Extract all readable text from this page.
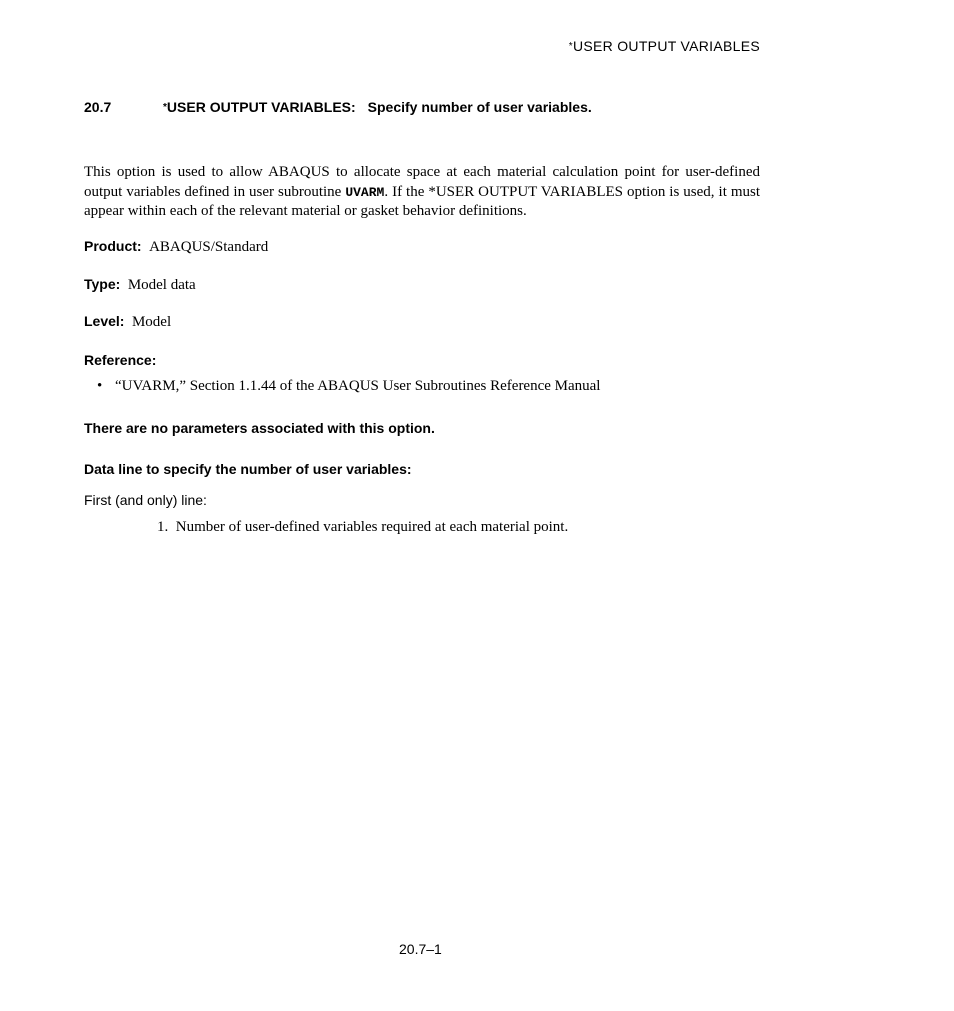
*USER OUTPUT VARIABLES
20.7	*USER OUTPUT VARIABLES: Specify number of user variables.
This option is used to allow ABAQUS to allocate space at each material calculation point for user-defined output variables defined in user subroutine UVARM. If the *USER OUTPUT VARIABLES option is used, it must appear within each of the relevant material or gasket behavior definitions.
Product: ABAQUS/Standard
Type: Model data
Level: Model
Reference:
• “UVARM,” Section 1.1.44 of the ABAQUS User Subroutines Reference Manual
There are no parameters associated with this option.
Data line to specify the number of user variables:
First (and only) line:
1. Number of user-defined variables required at each material point.
20.7–1
